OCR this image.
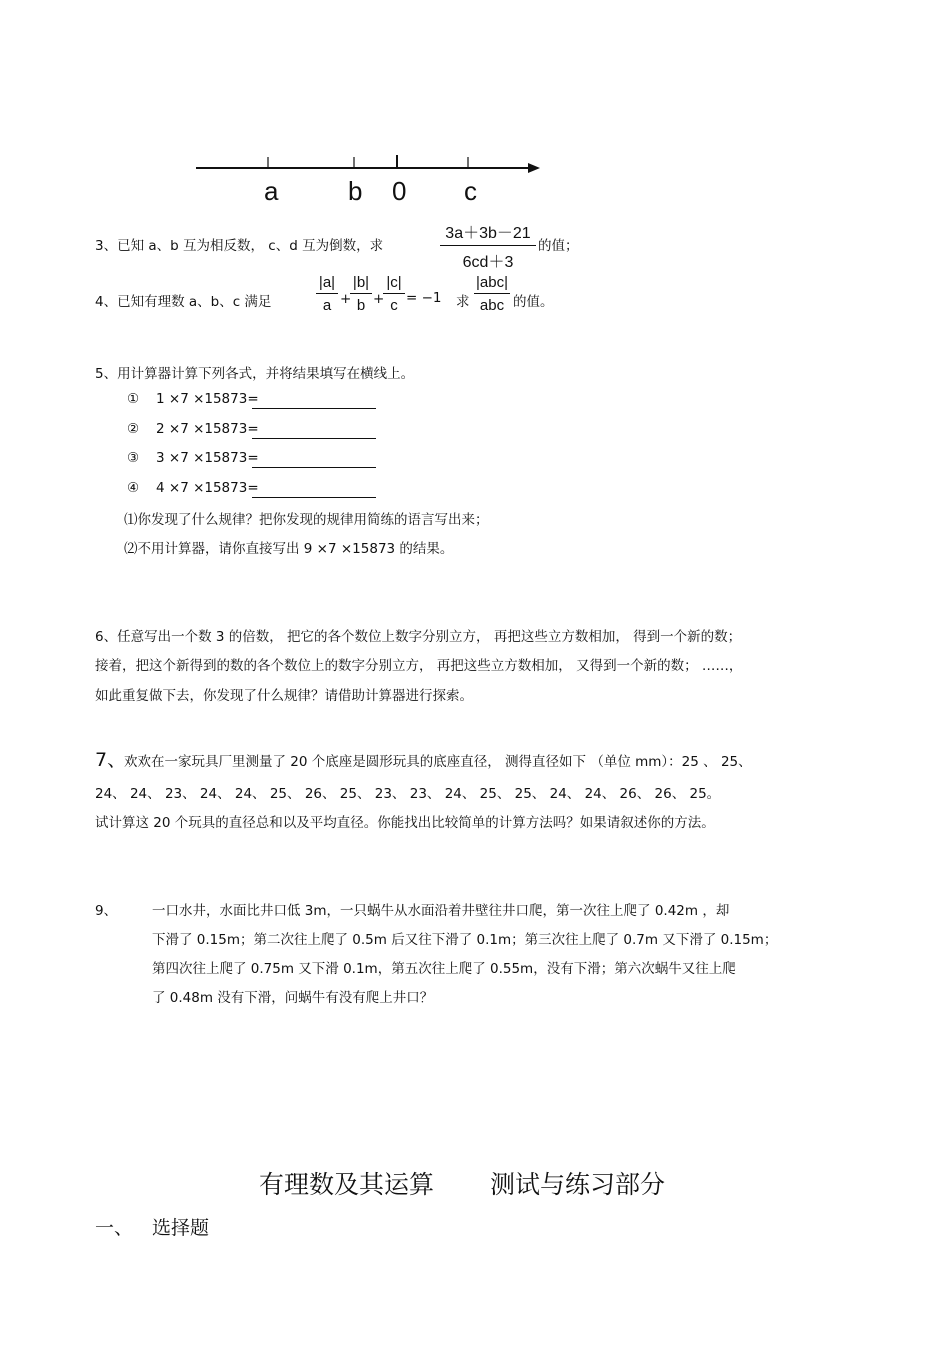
a	b 0 c
3、已知 a、b 互为相反数， c、d 互为倒数，求
3a＋3b－21
6cd＋3
的值；
4、已知有理数 a、b、c 满足
|a|
a +
|b|
b +
|c|
c = −1 求
|abc|
abc 的值。
5、用计算器计算下列各式，并将结果填写在横线上。
① 1 ×7 ×15873=
② 2 ×7 ×15873=
③ 3 ×7 ×15873=
④ 4 ×7 ×15873=
⑴你发现了什么规律？把你发现的规律用简练的语言写出来；
⑵不用计算器，请你直接写出 9 ×7 ×15873 的结果。
6、任意写出一个数 3 的倍数， 把它的各个数位上数字分别立方， 再把这些立方数相加， 得到一个新的数；
接着，把这个新得到的数的各个数位上的数字分别立方， 再把这些立方数相加， 又得到一个新的数； ……，
如此重复做下去，你发现了什么规律？请借助计算器进行探索。
7、
欢欢在一家玩具厂里测量了 20 个底座是圆形玩具的底座直径， 测得直径如下 （单位 mm）：25 、 25、
24、 24、 23、 24、 24、 25、 26、 25、 23、 23、 24、 25、 25、 24、 24、 26、 26、 25。
试计算这 20 个玩具的直径总和以及平均直径。你能找出比较简单的计算方法吗？如果请叙述你的方法。
9、	一口水井，水面比井口低 3m，一只蜗牛从水面沿着井壁往井口爬，第一次往上爬了 0.42m ，却
下滑了 0.15m；第二次往上爬了 0.5m 后又往下滑了 0.1m；第三次往上爬了 0.7m 又下滑了 0.15m；
第四次往上爬了 0.75m 又下滑 0.1m，第五次往上爬了 0.55m，没有下滑；第六次蜗牛又往上爬
了 0.48m 没有下滑，问蜗牛有没有爬上井口？
有理数及其运算 测试与练习部分
一、 选择题
